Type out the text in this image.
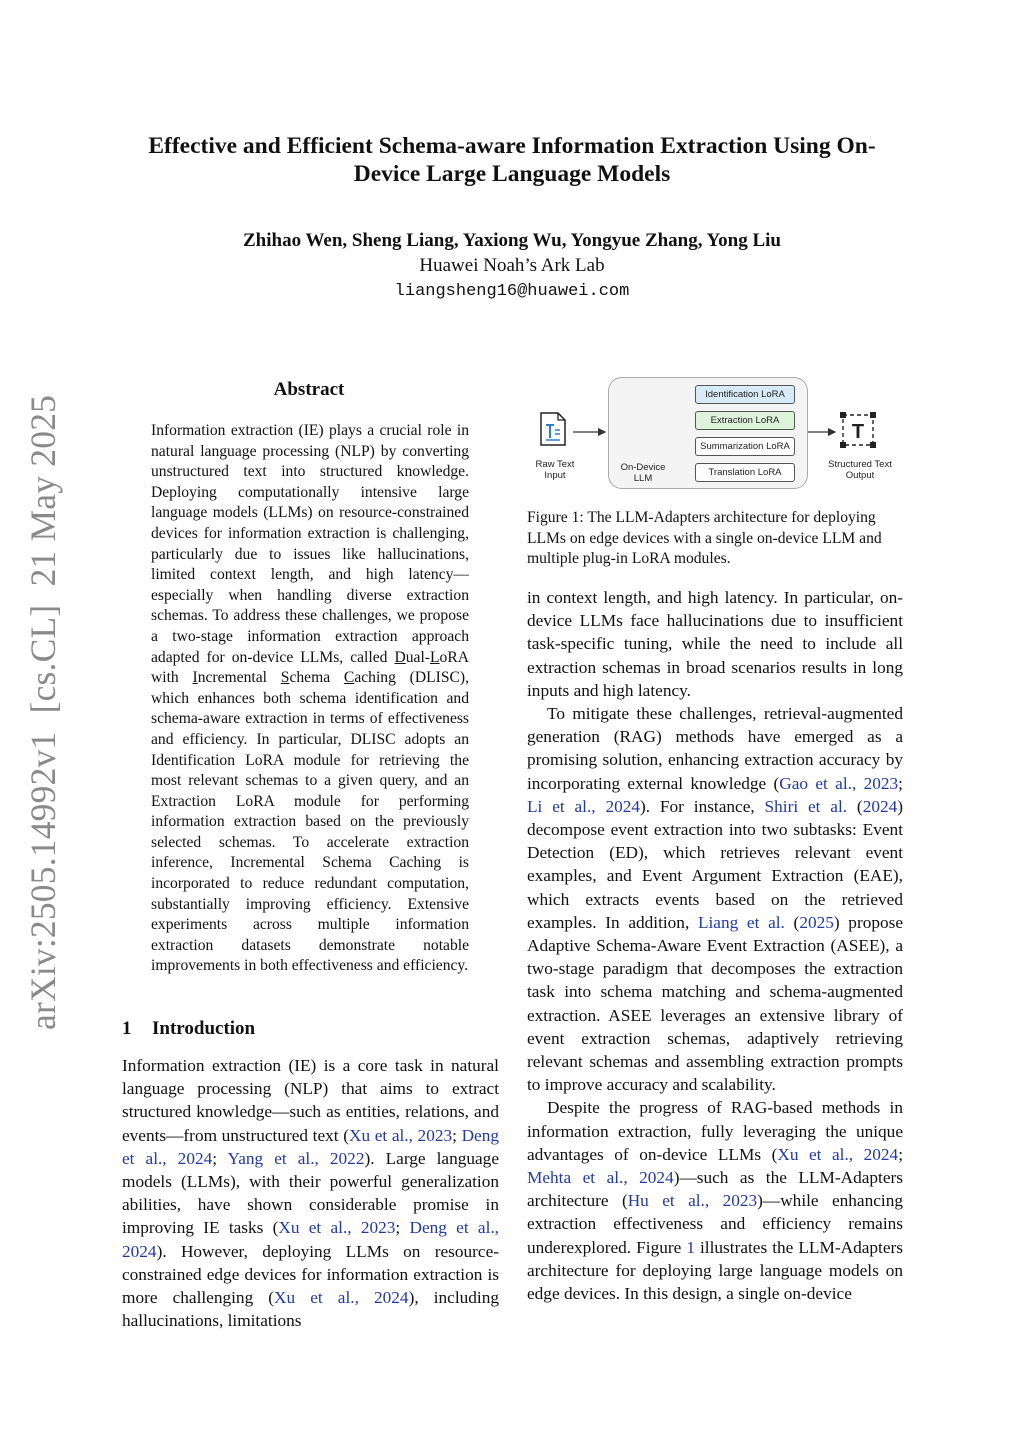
Effective and Efficient Schema-aware Information Extraction Using On-Device Large Language Models
Zhihao Wen, Sheng Liang, Yaxiong Wu, Yongyue Zhang, Yong Liu
Huawei Noah’s Ark Lab
liangsheng16@huawei.com
arXiv:2505.14992v1  [cs.CL]  21 May 2025
Abstract

Information extraction (IE) plays a crucial role in natural language processing (NLP) by converting unstructured text into structured knowledge. Deploying computationally intensive large language models (LLMs) on resource-constrained devices for information extraction is challenging, particularly due to issues like hallucinations, limited context length, and high latency—especially when handling diverse extraction schemas. To address these challenges, we propose a two-stage information extraction approach adapted for on-device LLMs, called Dual-LoRA with Incremental Schema Caching (DLISC), which enhances both schema identification and schema-aware extraction in terms of effectiveness and efficiency. In particular, DLISC adopts an Identification LoRA module for retrieving the most relevant schemas to a given query, and an Extraction LoRA module for performing information extraction based on the previously selected schemas. To accelerate extraction inference, Incremental Schema Caching is incorporated to reduce redundant computation, substantially improving efficiency. Extensive experiments across multiple information extraction datasets demonstrate notable improvements in both effectiveness and efficiency.

1 Introduction

Information extraction (IE) is a core task in natural language processing (NLP) that aims to extract structured knowledge—such as entities, relations, and events—from unstructured text (Xu et al., 2023; Deng et al., 2024; Yang et al., 2022). Large language models (LLMs), with their powerful generalization abilities, have shown considerable promise in improving IE tasks (Xu et al., 2023; Deng et al., 2024). However, deploying LLMs on resource-constrained edge devices for information extraction is more challenging (Xu et al., 2024), including hallucinations, limitations

T
Identification LoRA
Extraction LoRA
Summarization LoRA
Translation LoRA
Raw Text
Input
On-Device
LLM
Structured Text
Output

Figure 1: The LLM-Adapters architecture for deploying LLMs on edge devices with a single on-device LLM and multiple plug-in LoRA modules.

in context length, and high latency. In particular, on-device LLMs face hallucinations due to insufficient task-specific tuning, while the need to include all extraction schemas in broad scenarios results in long inputs and high latency.

To mitigate these challenges, retrieval-augmented generation (RAG) methods have emerged as a promising solution, enhancing extraction accuracy by incorporating external knowledge (Gao et al., 2023; Li et al., 2024). For instance, Shiri et al. (2024) decompose event extraction into two subtasks: Event Detection (ED), which retrieves relevant event examples, and Event Argument Extraction (EAE), which extracts events based on the retrieved examples. In addition, Liang et al. (2025) propose Adaptive Schema-Aware Event Extraction (ASEE), a two-stage paradigm that decomposes the extraction task into schema matching and schema-augmented extraction. ASEE leverages an extensive library of event extraction schemas, adaptively retrieving relevant schemas and assembling extraction prompts to improve accuracy and scalability.

Despite the progress of RAG-based methods in information extraction, fully leveraging the unique advantages of on-device LLMs (Xu et al., 2024; Mehta et al., 2024)—such as the LLM-Adapters architecture (Hu et al., 2023)—while enhancing extraction effectiveness and efficiency remains underexplored. Figure 1 illustrates the LLM-Adapters architecture for deploying large language models on edge devices. In this design, a single on-device
